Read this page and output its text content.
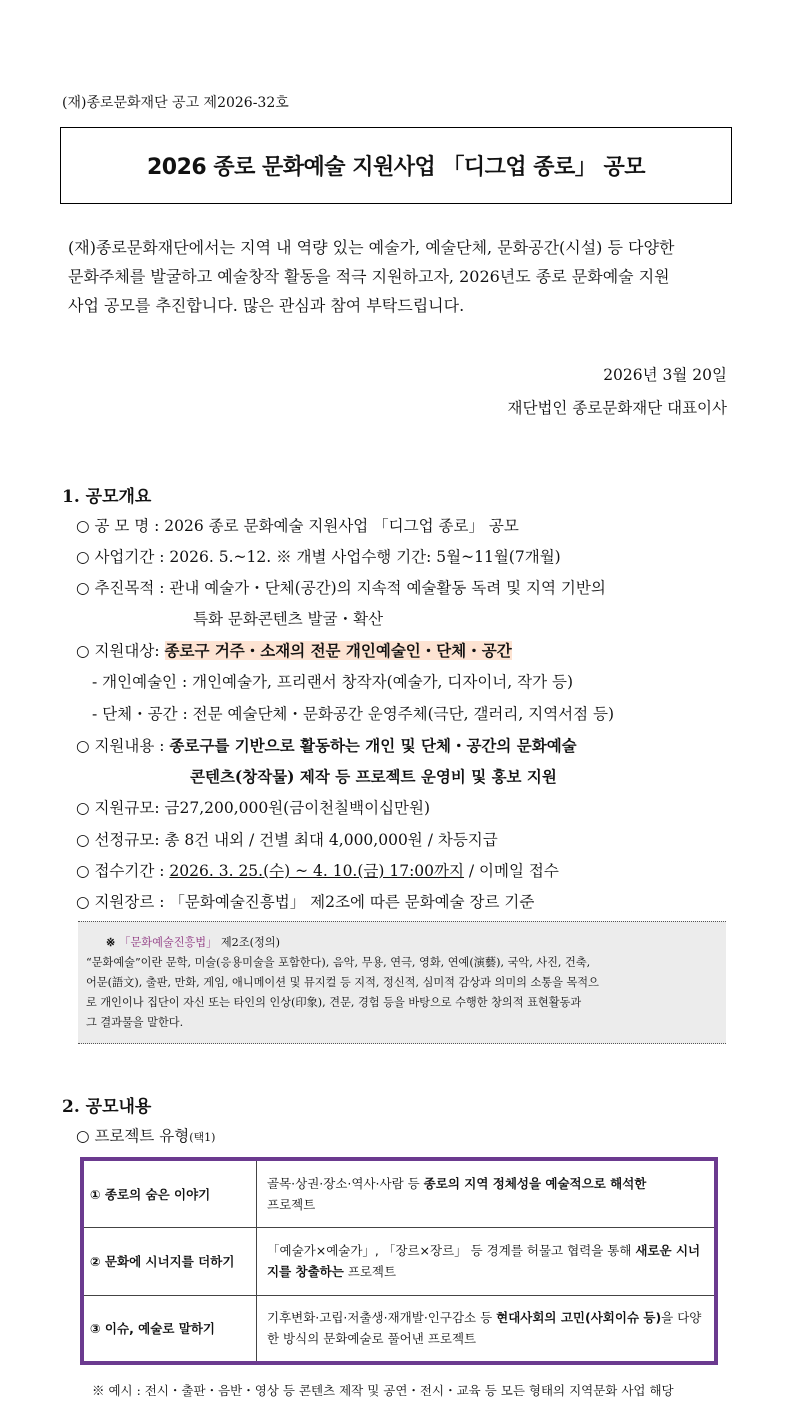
(재)종로문화재단 공고 제2026-32호
2026 종로 문화예술 지원사업 「디그업 종로」 공모

(재)종로문화재단에서는 지역 내 역량 있는 예술가, 예술단체, 문화공간(시설) 등 다양한

문화주체를 발굴하고 예술창작 활동을 적극 지원하고자, 2026년도 종로 문화예술 지원

사업 공모를 추진합니다. 많은 관심과 참여 부탁드립니다.

2026년 3월 20일
재단법인 종로문화재단 대표이사
1. 공모개요
○ 공 모 명 : 2026 종로 문화예술 지원사업 「디그업 종로」 공모
○ 사업기간 : 2026. 5.~12. ※ 개별 사업수행 기간: 5월~11월(7개월)
○ 추진목적 : 관내 예술가・단체(공간)의 지속적 예술활동 독려 및 지역 기반의
특화 문화콘텐츠 발굴・확산
○ 지원대상: 종로구 거주・소재의 전문 개인예술인・단체・공간
- 개인예술인 : 개인예술가, 프리랜서 창작자(예술가, 디자이너, 작가 등)
- 단체・공간 : 전문 예술단체・문화공간 운영주체(극단, 갤러리, 지역서점 등)
○ 지원내용 : 종로구를 기반으로 활동하는 개인 및 단체・공간의 문화예술
콘텐츠(창작물) 제작 등 프로젝트 운영비 및 홍보 지원
○ 지원규모: 금27,200,000원(금이천칠백이십만원)
○ 선정규모: 총 8건 내외 / 건별 최대 4,000,000원 / 차등지급
○ 접수기간 : 2026. 3. 25.(수) ~ 4. 10.(금) 17:00까지 / 이메일 접수
○ 지원장르 : 「문화예술진흥법」 제2조에 따른 문화예술 장르 기준

※ 「문화예술진흥법」 제2조(정의)

“문화예술”이란 문학, 미술(응용미술을 포함한다), 음악, 무용, 연극, 영화, 연예(演藝), 국악, 사진, 건축,

어문(語文), 출판, 만화, 게임, 애니메이션 및 뮤지컬 등 지적, 정신적, 심미적 감상과 의미의 소통을 목적으

로 개인이나 집단이 자신 또는 타인의 인상(印象), 견문, 경험 등을 바탕으로 수행한 창의적 표현활동과

그 결과물을 말한다.

2. 공모내용
○ 프로젝트 유형(택1)
① 종로의 숨은 이야기	골목·상권·장소·역사·사람 등 종로의 지역 정체성을 예술적으로 해석한
프로젝트
② 문화에 시너지를 더하기	「예술가×예술가」, 「장르×장르」 등 경계를 허물고 협력을 통해 새로운 시너지를 창출하는 프로젝트
③ 이슈, 예술로 말하기	기후변화·고립·저출생·재개발·인구감소 등 현대사회의 고민(사회이슈 등)을 다양한 방식의 문화예술로 풀어낸 프로젝트
※ 예시 : 전시・출판・음반・영상 등 콘텐츠 제작 및 공연・전시・교육 등 모든 형태의 지역문화 사업 해당
